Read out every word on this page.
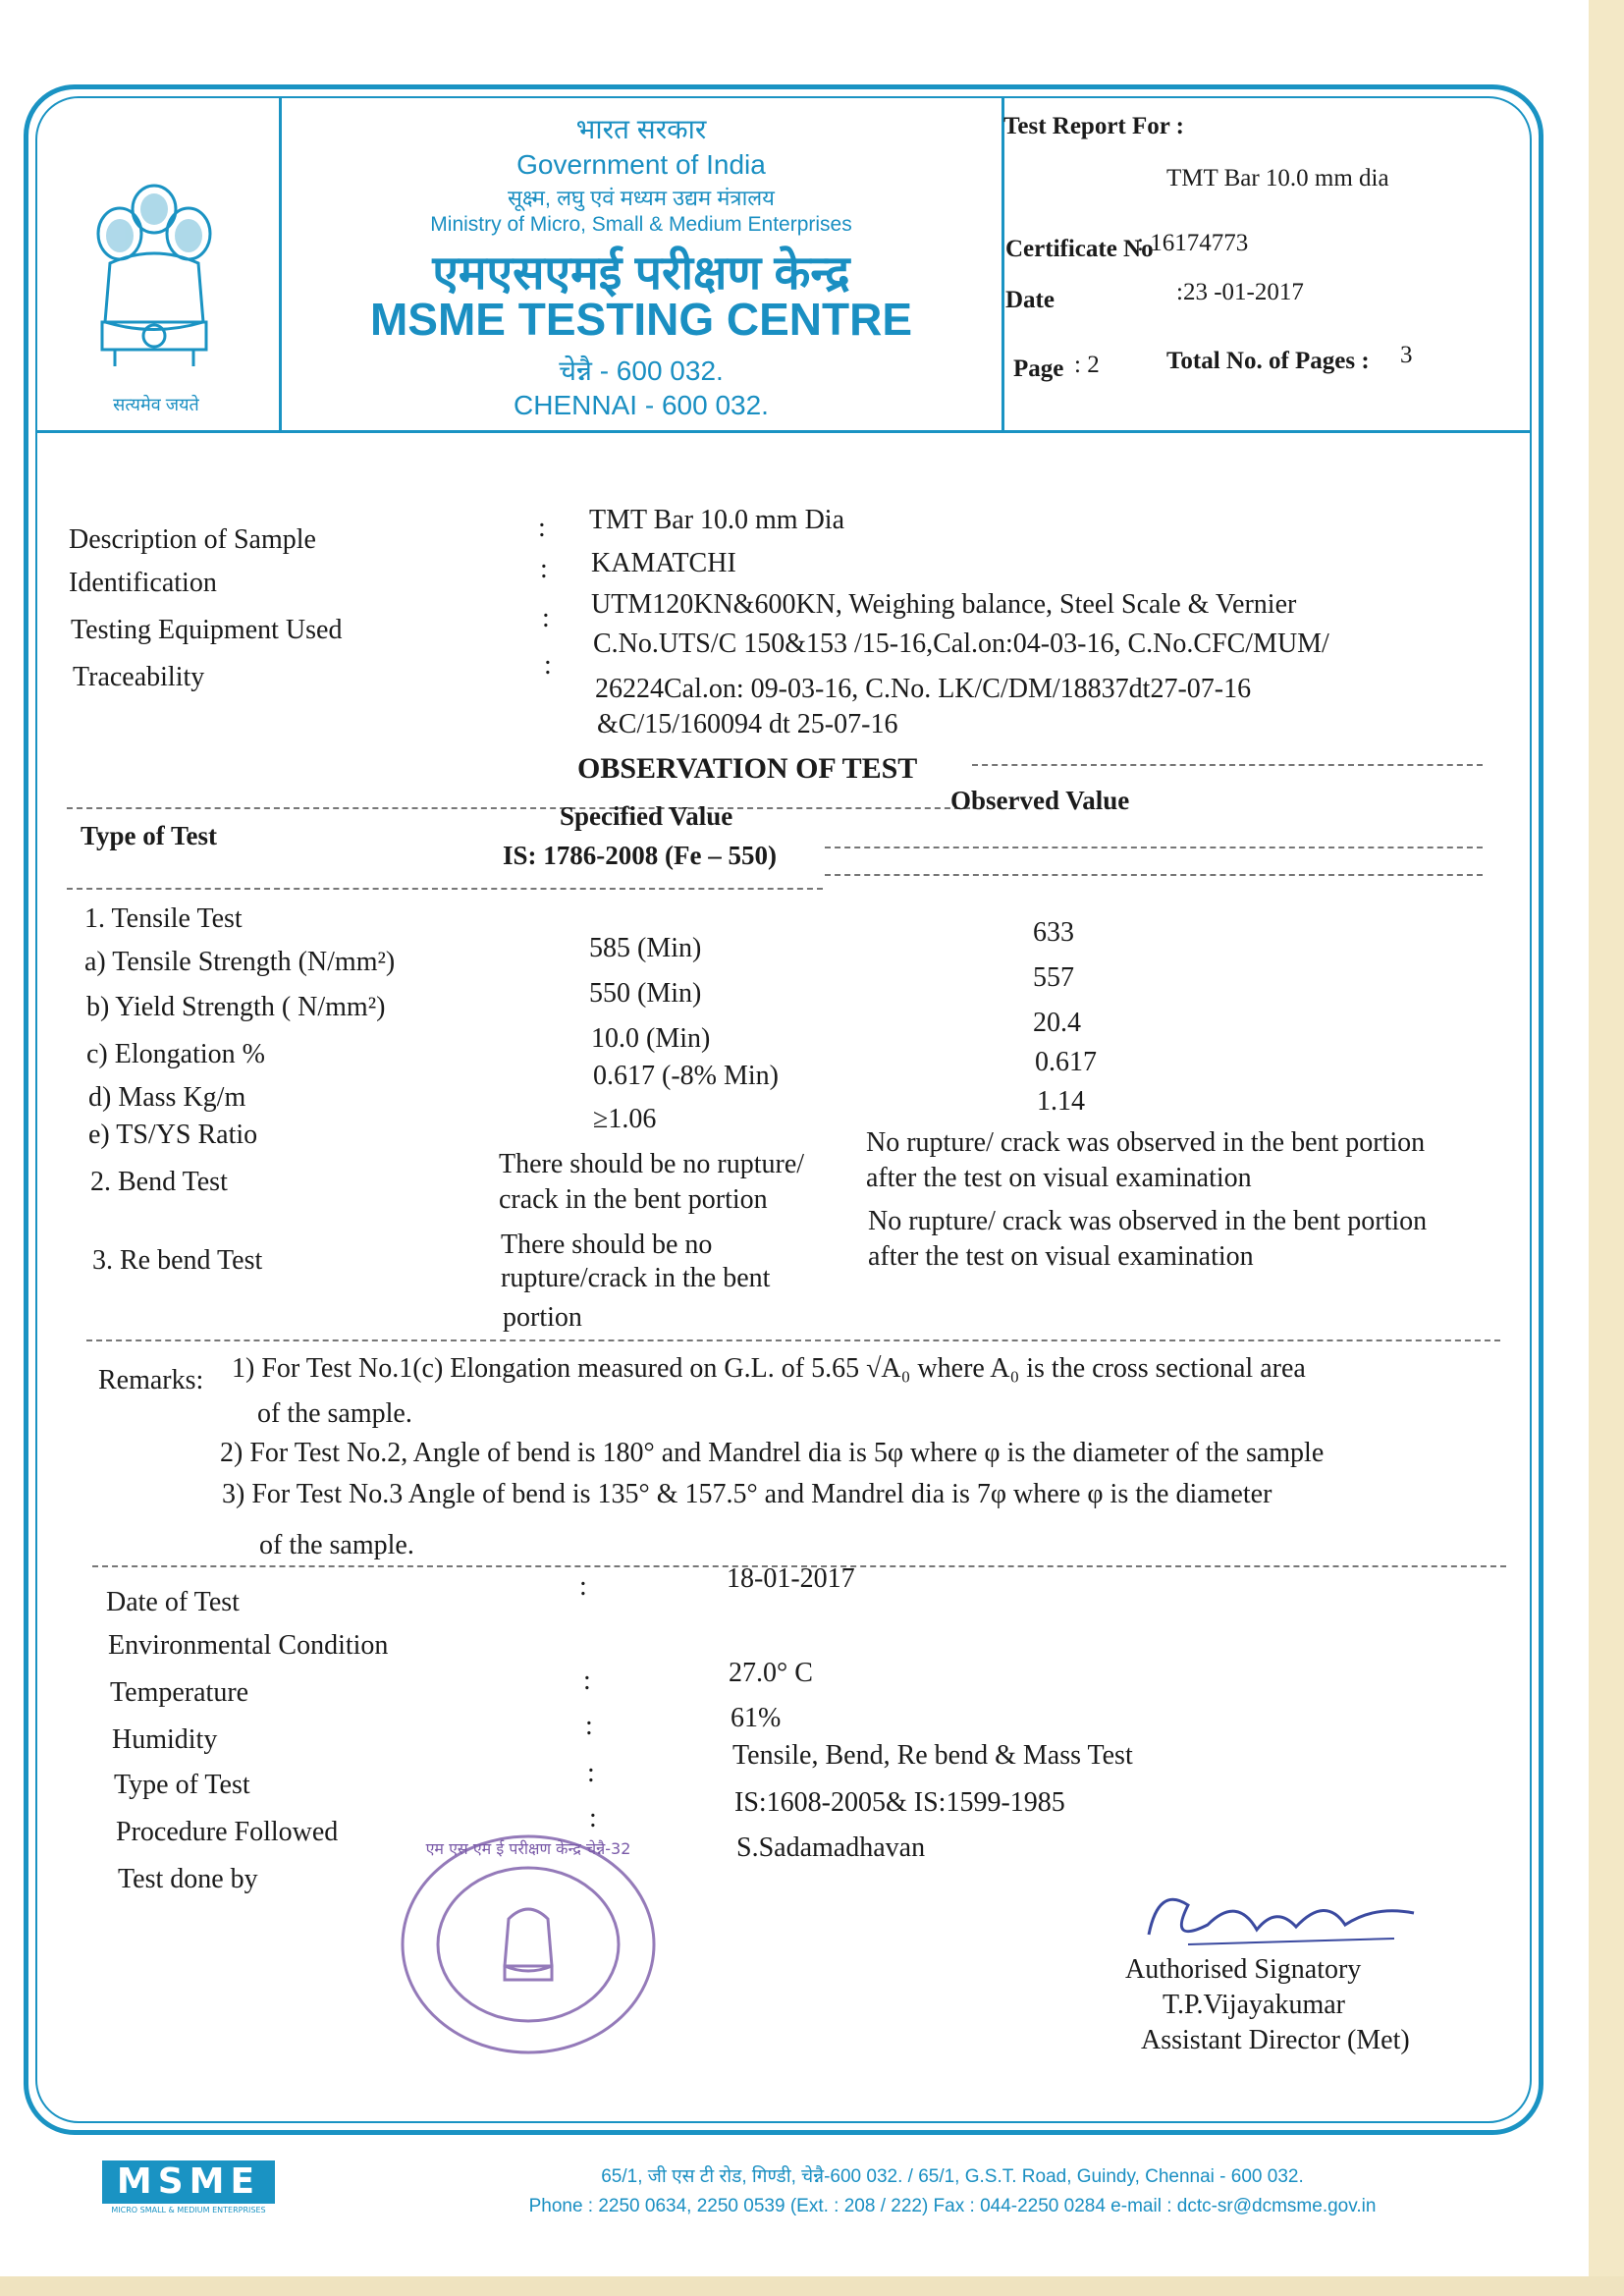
सत्यमेव जयते
भारत सरकार
Government of India
सूक्ष्म, लघु एवं मध्यम उद्यम मंत्रालय
Ministry of Micro, Small & Medium Enterprises
एमएसएमई परीक्षण केन्द्र
MSME TESTING CENTRE
चेन्नै - 600 032.
CHENNAI - 600 032.
Test Report For :
TMT Bar 10.0 mm dia
Certificate No
: 16174773
Date	:23 -01-2017
Page : 2	Total No. of Pages : 3
Description of Sample
Identification
Testing Equipment Used
Traceability
:
:
:
:
TMT Bar 10.0 mm Dia
KAMATCHI
UTM120KN&600KN, Weighing balance, Steel Scale & Vernier
C.No.UTS/C 150&153 /15-16,Cal.on:04-03-16, C.No.CFC/MUM/
26224Cal.on: 09-03-16, C.No. LK/C/DM/18837dt27-07-16
&C/15/160094 dt 25-07-16
OBSERVATION OF TEST
Specified Value
Observed Value
Type of Test
IS: 1786-2008 (Fe – 550)
1. Tensile Test
a) Tensile Strength (N/mm²)
b) Yield Strength ( N/mm²)
c) Elongation %
d) Mass Kg/m
e) TS/YS Ratio
585 (Min)
550 (Min)
10.0 (Min)
0.617 (-8% Min)
≥1.06
633
557
20.4
0.617
1.14
2. Bend Test
There should be no rupture/
crack in the bent portion
No rupture/ crack was observed in the bent portion
after the test on visual examination
3. Re bend Test
There should be no
rupture/crack in the bent
portion
No rupture/ crack was observed in the bent portion
after the test on visual examination
Remarks: 1) For Test No.1(c) Elongation measured on G.L. of 5.65 √A₀ where A₀ is the cross sectional area
of the sample.
2) For Test No.2, Angle of bend is 180° and Mandrel dia is 5φ where φ is the diameter of the sample
3) For Test No.3 Angle of bend is 135° & 157.5° and Mandrel dia is 7φ where φ is the diameter
of the sample.
Date of Test
Environmental Condition
Temperature
Humidity
Type of Test
Procedure Followed
Test done by
:
:
:
:
:
18-01-2017
27.0° C
61%
Tensile, Bend, Re bend & Mass Test
IS:1608-2005& IS:1599-1985
S.Sadamadhavan
एम एस एम ई परीक्षण केन्द्र चेन्नै-32
Authorised Signatory
T.P.Vijayakumar
Assistant Director (Met)
MSME
MICRO SMALL & MEDIUM ENTERPRISES
65/1, जी एस टी रोड, गिण्डी, चेन्नै-600 032. / 65/1, G.S.T. Road, Guindy, Chennai - 600 032.
Phone : 2250 0634, 2250 0539 (Ext. : 208 / 222) Fax : 044-2250 0284 e-mail : dctc-sr@dcmsme.gov.in
